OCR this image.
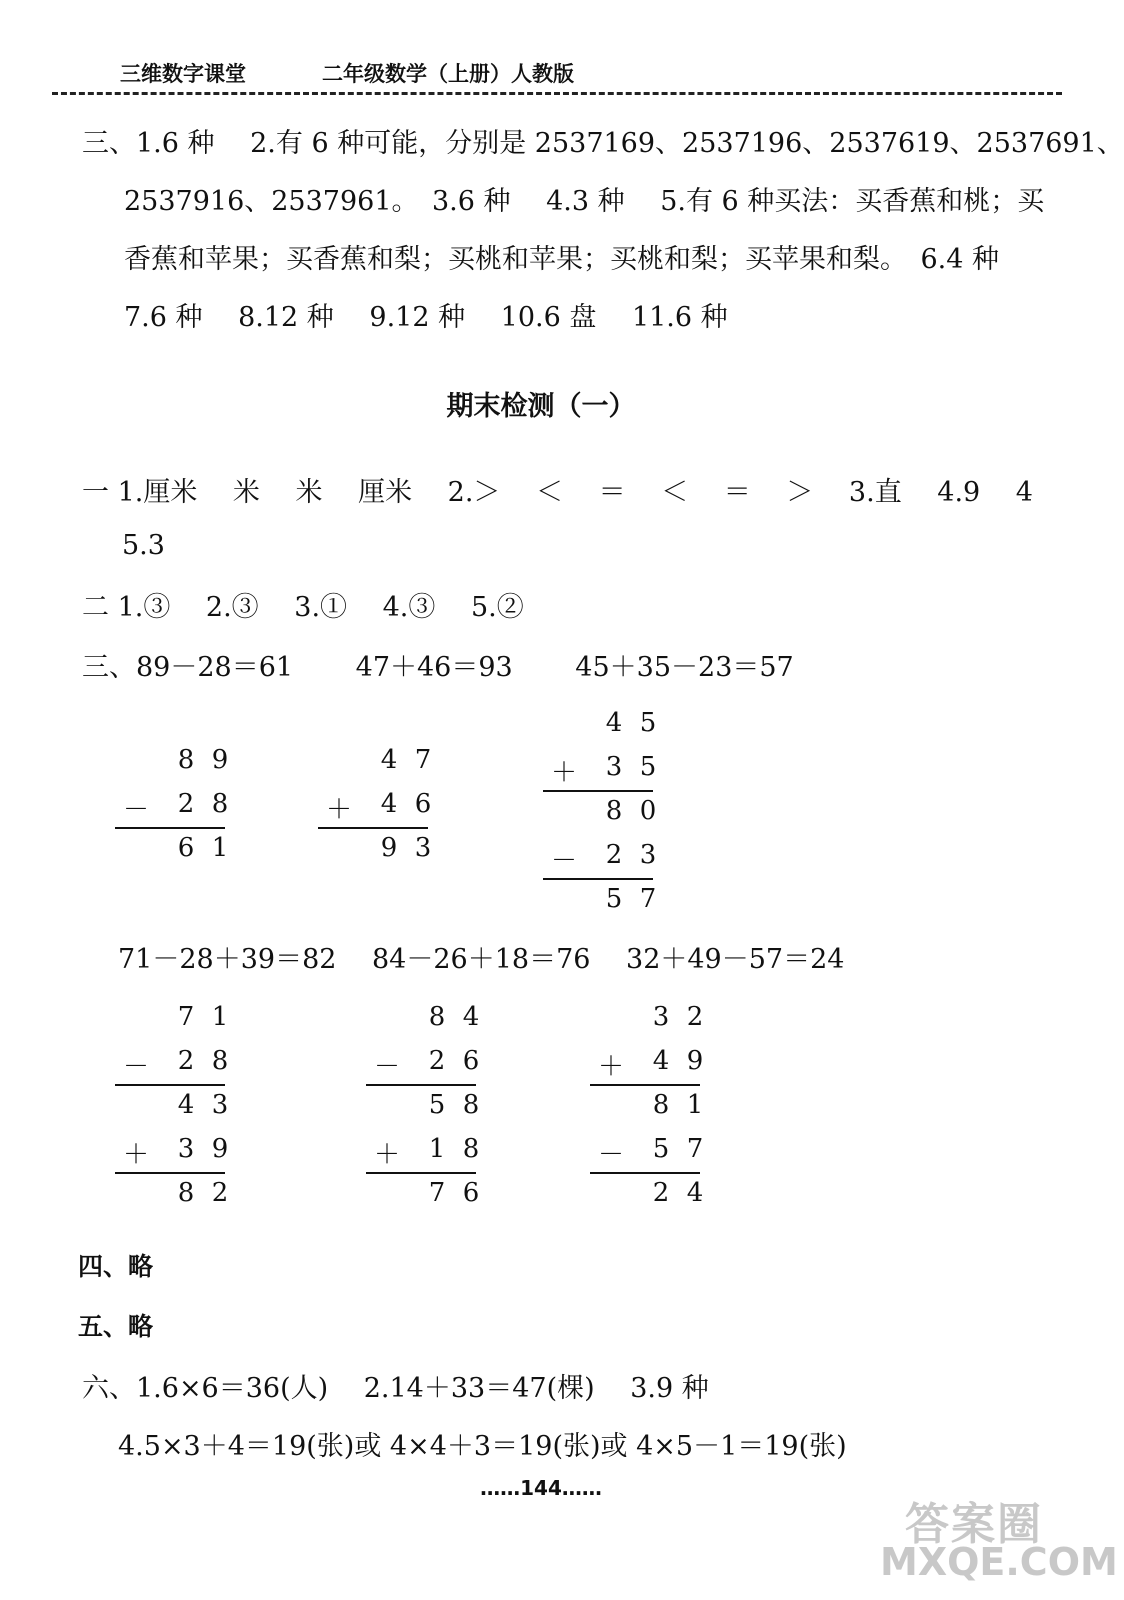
三维数字课堂	二年级数学（上册）人教版
三、1.6 种　 2.有 6 种可能，分别是 2537169、2537196、2537619、2537691、
2537916、2537961。　3.6 种　 4.3 种　 5.有 6 种买法：买香蕉和桃；买
香蕉和苹果；买香蕉和梨；买桃和苹果；买桃和梨；买苹果和梨。　6.4 种
7.6 种　 8.12 种　 9.12 种　 10.6 盘　 11.6 种
期末检测（一）
一 1.厘米　 米　 米　 厘米　 2.＞　 ＜　 ＝　 ＜　 ＝　 ＞　 3.直　 4.9　 4
5.3
二 1.③　 2.③　 3.①　 4.③　 5.②
三、89－28＝61　　 47＋46＝93　　 45＋35－23＝57
8 9
－ 2 8
6 1
4 7
＋ 4 6
9 3
4 5
＋ 3 5
8 0
－ 2 3
5 7
71－28＋39＝82　 84－26＋18＝76　 32＋49－57＝24
7 1
－ 2 8
4 3
＋ 3 9
8 2
8 4
－ 2 6
5 8
＋ 1 8
7 6
3 2
＋ 4 9
8 1
－ 5 7
2 4
四、略
五、略
六、1.6×6＝36(人)　 2.14＋33＝47(棵)　 3.9 种
4.5×3＋4＝19(张)或 4×4＋3＝19(张)或 4×5－1＝19(张)
……144……
答案圈
MXQE.COM
